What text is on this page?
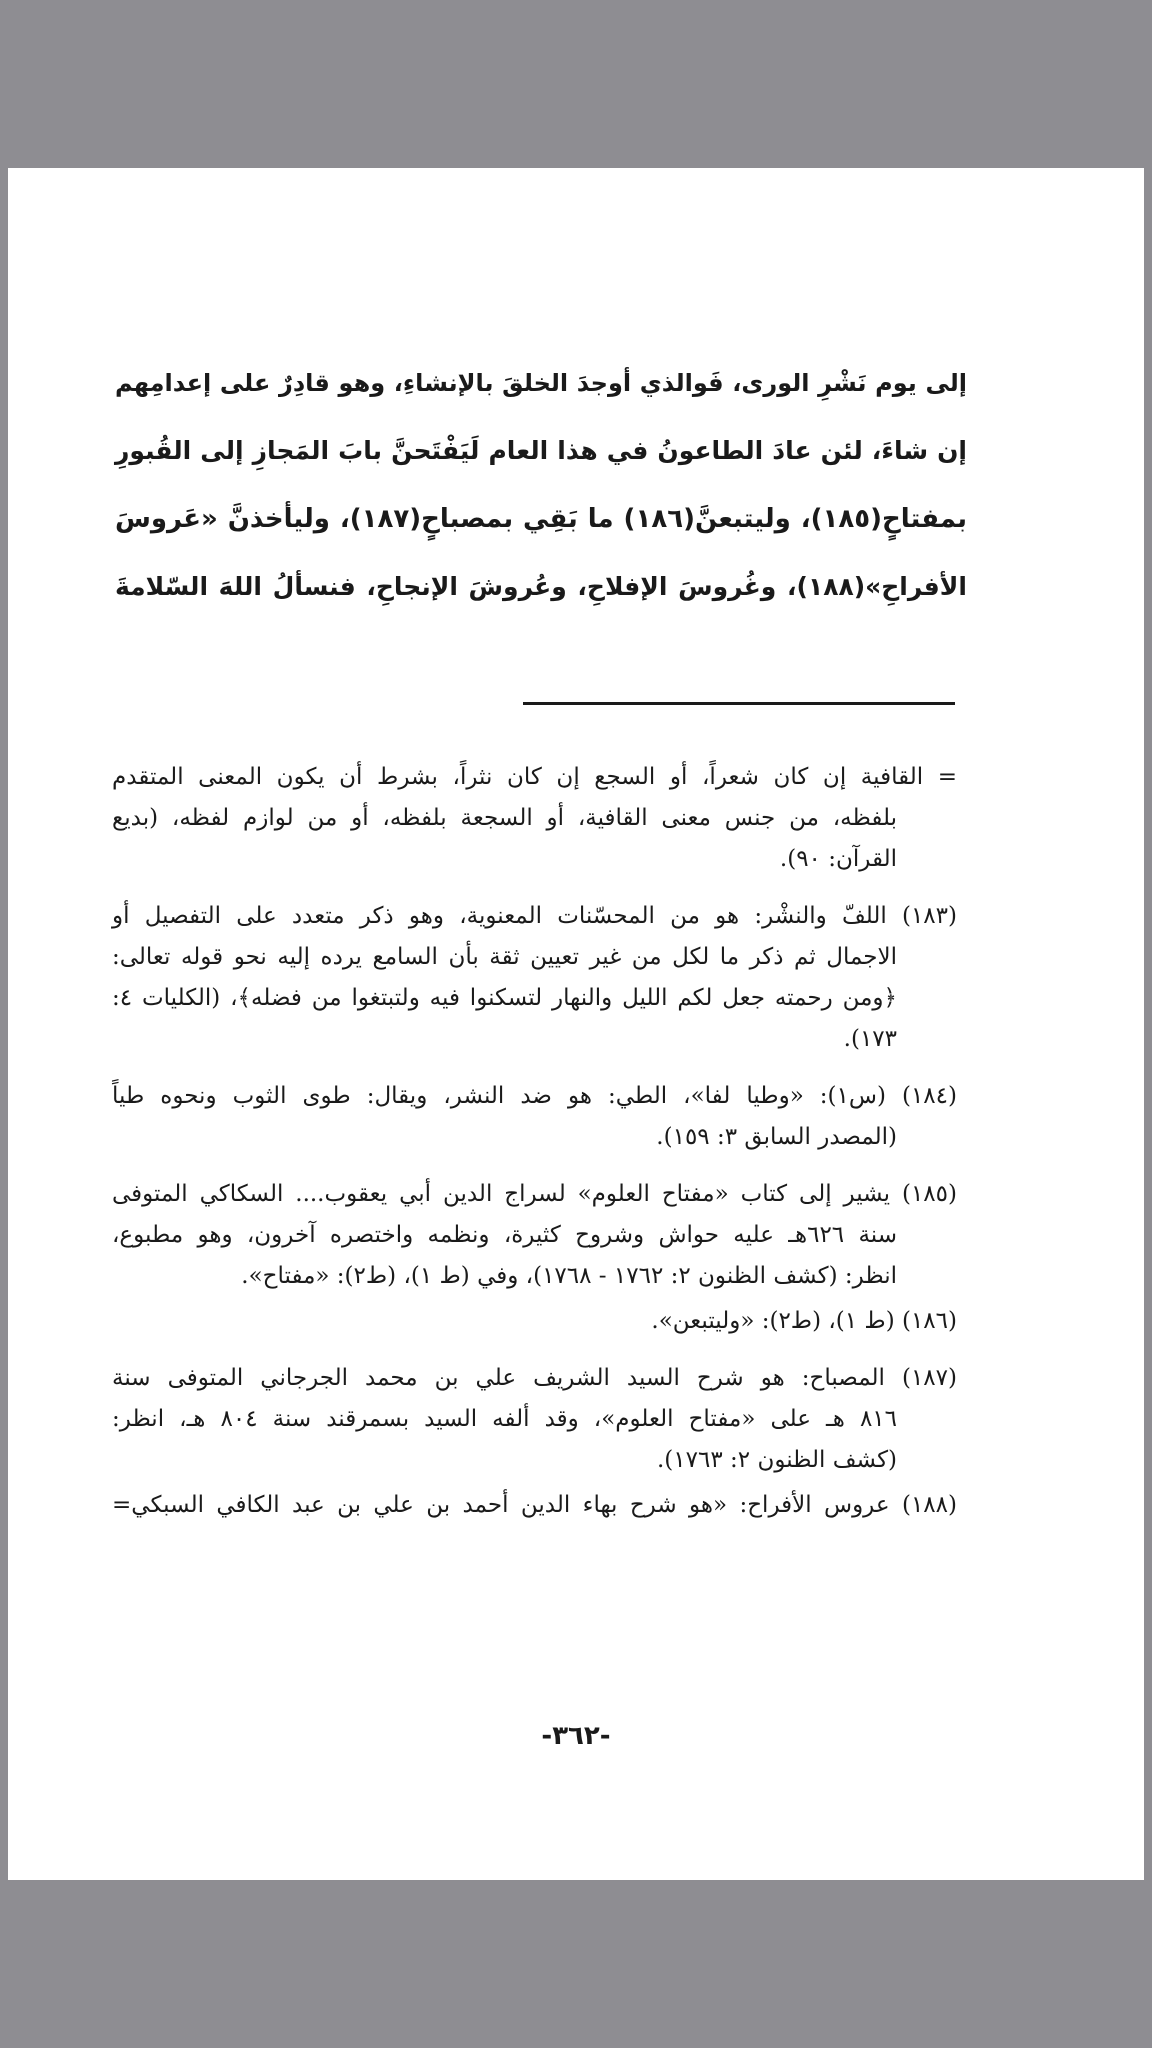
إلى يوم نَشْرِ الورى، فَوالذي أوجدَ الخلقَ بالإنشاءِ، وهو قادِرٌ على إعدامِهم
إن شاءَ، لئن عادَ الطاعونُ في هذا العام لَيَفْتَحنَّ بابَ المَجازِ إلى القُبورِ
بمفتاحٍ(١٨٥)، وليتبعنَّ(١٨٦) ما بَقِي بمصباحٍ(١٨٧)، وليأخذنَّ «عَروسَ
الأفراحِ»(١٨٨)، وغُروسَ الإفلاحِ، وعُروشَ الإنجاحِ، فنسألُ اللهَ السّلامةَ
= القافية إن كان شعراً، أو السجع إن كان نثراً، بشرط أن يكون المعنى المتقدم
بلفظه، من جنس معنى القافية، أو السجعة بلفظه، أو من لوازم لفظه، (بديع
القرآن: ٩٠).
(١٨٣) اللفّ والنشْر: هو من المحسّنات المعنوية، وهو ذكر متعدد على التفصيل أو
الاجمال ثم ذكر ما لكل من غير تعيين ثقة بأن السامع يرده إليه نحو قوله تعالى:
﴿ومن رحمته جعل لكم الليل والنهار لتسكنوا فيه ولتبتغوا من فضله﴾، (الكليات ٤:
١٧٣).
(١٨٤) (س١): «وطيا لفا»، الطي: هو ضد النشر، ويقال: طوى الثوب ونحوه طياً
(المصدر السابق ٣: ١٥٩).
(١٨٥) يشير إلى كتاب «مفتاح العلوم» لسراج الدين أبي يعقوب.... السكاكي المتوفى
سنة ٦٢٦هـ عليه حواش وشروح كثيرة، ونظمه واختصره آخرون، وهو مطبوع،
انظر: (كشف الظنون ٢: ١٧٦٢ - ١٧٦٨)، وفي (ط ١)، (ط٢): «مفتاح».
(١٨٦) (ط ١)، (ط٢): «وليتبعن».
(١٨٧) المصباح: هو شرح السيد الشريف علي بن محمد الجرجاني المتوفى سنة
٨١٦ هـ على «مفتاح العلوم»، وقد ألفه السيد بسمرقند سنة ٨٠٤ هـ، انظر:
(كشف الظنون ٢: ١٧٦٣).
(١٨٨) عروس الأفراح: «هو شرح بهاء الدين أحمد بن علي بن عبد الكافي السبكي=
-٣٦٢-
